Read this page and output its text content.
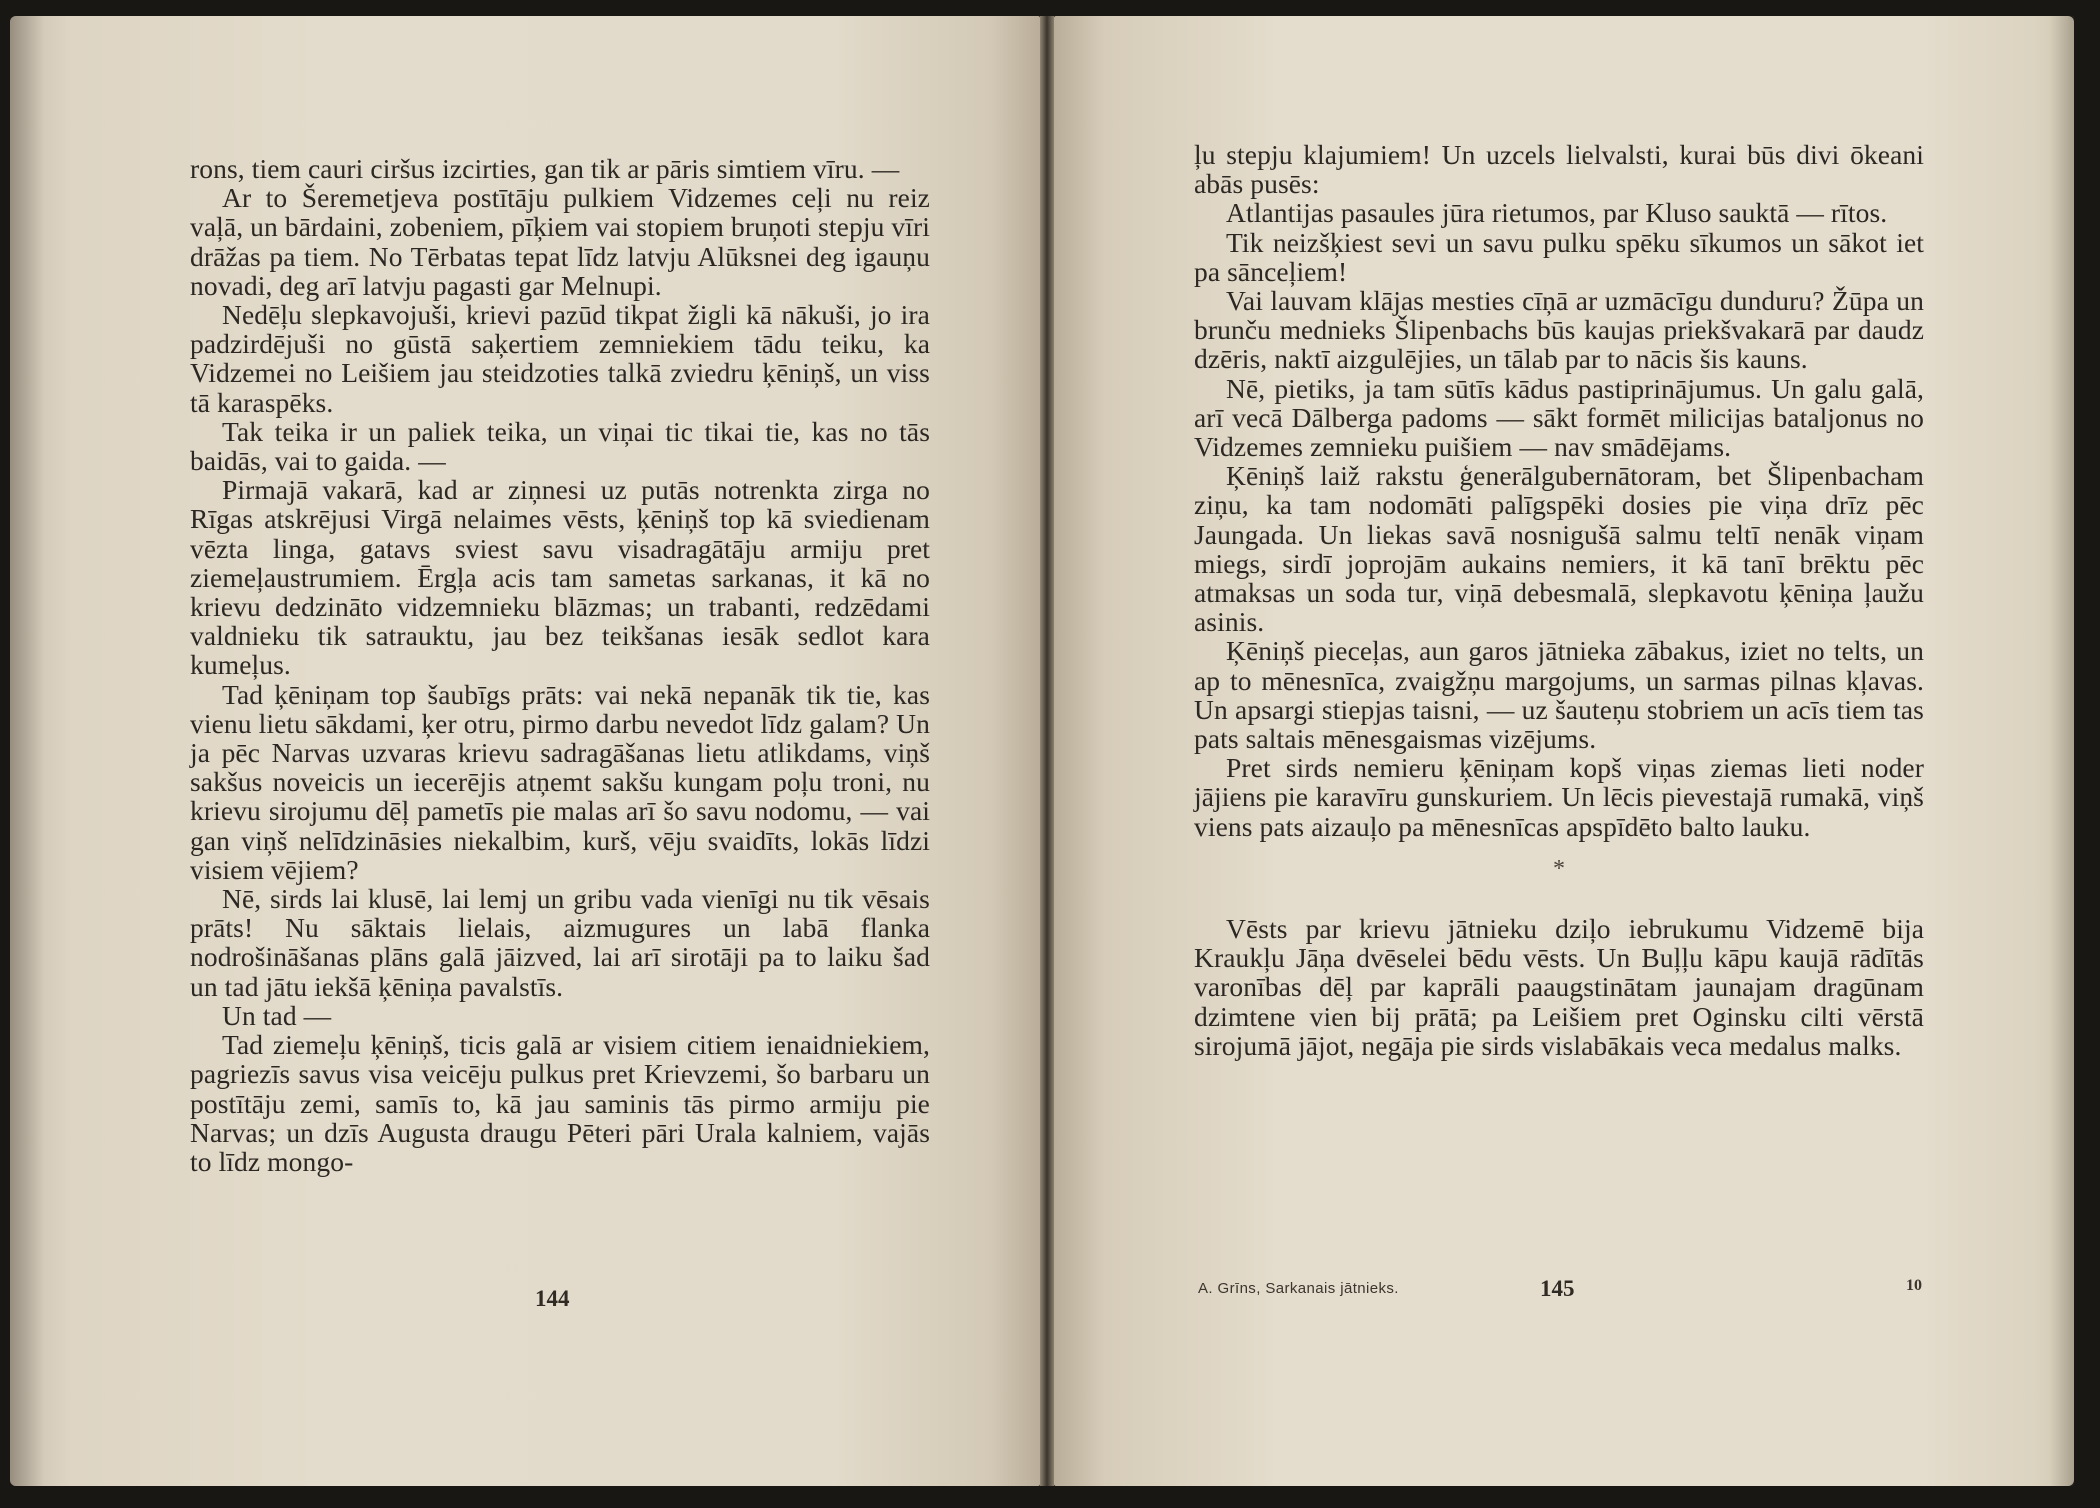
rons, tiem cauri ciršus izcirties, gan tik ar pāris simtiem vīru. —

Ar to Šeremetjeva postītāju pulkiem Vidzemes ceļi nu reiz vaļā, un bārdaini, zobeniem, pīķiem vai stopiem bruņoti stepju vīri drāžas pa tiem. No Tērbatas tepat līdz latvju Alūksnei deg igauņu novadi, deg arī latvju pagasti gar Melnupi.

Nedēļu slepkavojuši, krievi pazūd tikpat žigli kā nākuši, jo ira padzirdējuši no gūstā saķertiem zemniekiem tādu teiku, ka Vidzemei no Leišiem jau steidzoties talkā zviedru ķēniņš, un viss tā karaspēks.

Tak teika ir un paliek teika, un viņai tic tikai tie, kas no tās baidās, vai to gaida. —

Pirmajā vakarā, kad ar ziņnesi uz putās notrenkta zirga no Rīgas atskrējusi Virgā nelaimes vēsts, ķēniņš top kā sviedienam vēzta linga, gatavs sviest savu visadragātāju armiju pret ziemeļaustrumiem. Ērgļa acis tam sametas sarkanas, it kā no krievu dedzināto vidzemnieku blāzmas; un trabanti, redzēdami valdnieku tik satrauktu, jau bez teikšanas iesāk sedlot kara kumeļus.

Tad ķēniņam top šaubīgs prāts: vai nekā nepanāk tik tie, kas vienu lietu sākdami, ķer otru, pirmo darbu nevedot līdz galam? Un ja pēc Narvas uzvaras krievu sadragāšanas lietu atlikdams, viņš sakšus noveicis un iecerējis atņemt sakšu kungam poļu troni, nu krievu sirojumu dēļ pametīs pie malas arī šo savu nodomu, — vai gan viņš nelīdzināsies niekalbim, kurš, vēju svaidīts, lokās līdzi visiem vējiem?

Nē, sirds lai klusē, lai lemj un gribu vada vienīgi nu tik vēsais prāts! Nu sāktais lielais, aizmugures un labā flanka nodrošināšanas plāns galā jāizved, lai arī sirotāji pa to laiku šad un tad jātu iekšā ķēniņa pavalstīs.

Un tad —

Tad ziemeļu ķēniņš, ticis galā ar visiem citiem ienaidniekiem, pagriezīs savus visa veicēju pulkus pret Krievzemi, šo barbaru un postītāju zemi, samīs to, kā jau saminis tās pirmo armiju pie Narvas; un dzīs Augusta draugu Pēteri pāri Urala kalniem, vajās to līdz mongo-

144

ļu stepju klajumiem! Un uzcels lielvalsti, kurai būs divi ōkeani abās pusēs:

Atlantijas pasaules jūra rietumos, par Kluso sauktā — rītos.

Tik neizšķiest sevi un savu pulku spēku sīkumos un sākot iet pa sānceļiem!

Vai lauvam klājas mesties cīņā ar uzmācīgu dunduru? Žūpa un brunču mednieks Šlipenbachs būs kaujas priekšvakarā par daudz dzēris, naktī aizgulējies, un tālab par to nācis šis kauns.

Nē, pietiks, ja tam sūtīs kādus pastiprinājumus. Un galu galā, arī vecā Dālberga padoms — sākt formēt milicijas bataljonus no Vidzemes zemnieku puišiem — nav smādējams.

Ķēniņš laiž rakstu ģenerālgubernātoram, bet Šlipenbacham ziņu, ka tam nodomāti palīgspēki dosies pie viņa drīz pēc Jaungada. Un liekas savā nosnigušā salmu teltī nenāk viņam miegs, sirdī joprojām aukains nemiers, it kā tanī brēktu pēc atmaksas un soda tur, viņā debesmalā, slepkavotu ķēniņa ļaužu asinis.

Ķēniņš pieceļas, aun garos jātnieka zābakus, iziet no telts, un ap to mēnesnīca, zvaigžņu margojums, un sarmas pilnas kļavas. Un apsargi stiepjas taisni, — uz šauteņu stobriem un acīs tiem tas pats saltais mēnesgaismas vizējums.

Pret sirds nemieru ķēniņam kopš viņas ziemas lieti noder jājiens pie karavīru gunskuriem. Un lēcis pievestajā rumakā, viņš viens pats aizauļo pa mēnesnīcas apspīdēto balto lauku.

*

Vēsts par krievu jātnieku dziļo iebrukumu Vidzemē bija Kraukļu Jāņa dvēselei bēdu vēsts. Un Buļļu kāpu kaujā rādītās varonības dēļ par kaprāli paaugstinātam jaunajam dragūnam dzimtene vien bij prātā; pa Leišiem pret Oginsku cilti vērstā sirojumā jājot, negāja pie sirds vislabākais veca medalus malks.

A. Grīns, Sarkanais jātnieks.	145	10
